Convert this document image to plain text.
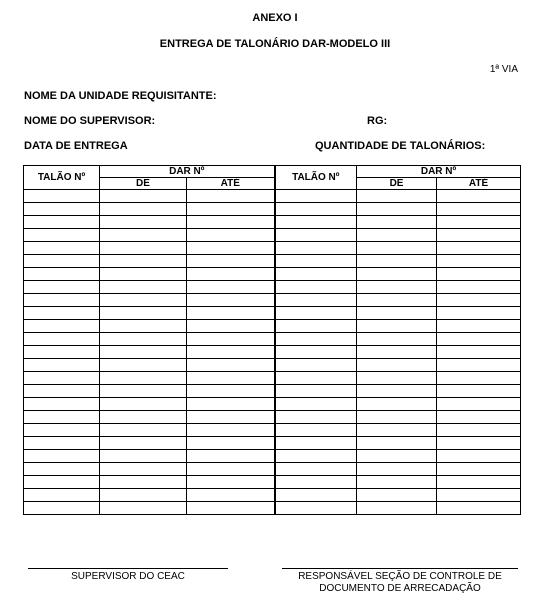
ANEXO I
ENTREGA DE TALONÁRIO DAR-MODELO III
1ª VIA
NOME DA UNIDADE REQUISITANTE:
NOME DO SUPERVISOR:	RG:
DATA DE ENTREGA	QUANTIDADE DE TALONÁRIOS:
TALÃO Nº	DAR Nº		TALÃO Nº	DAR Nº	
	DE	ATÉ		DE	ATÉ

SUPERVISOR DO CEAC	RESPONSÁVEL SEÇÃO DE CONTROLE DE
DOCUMENTO DE ARRECADAÇÃO
